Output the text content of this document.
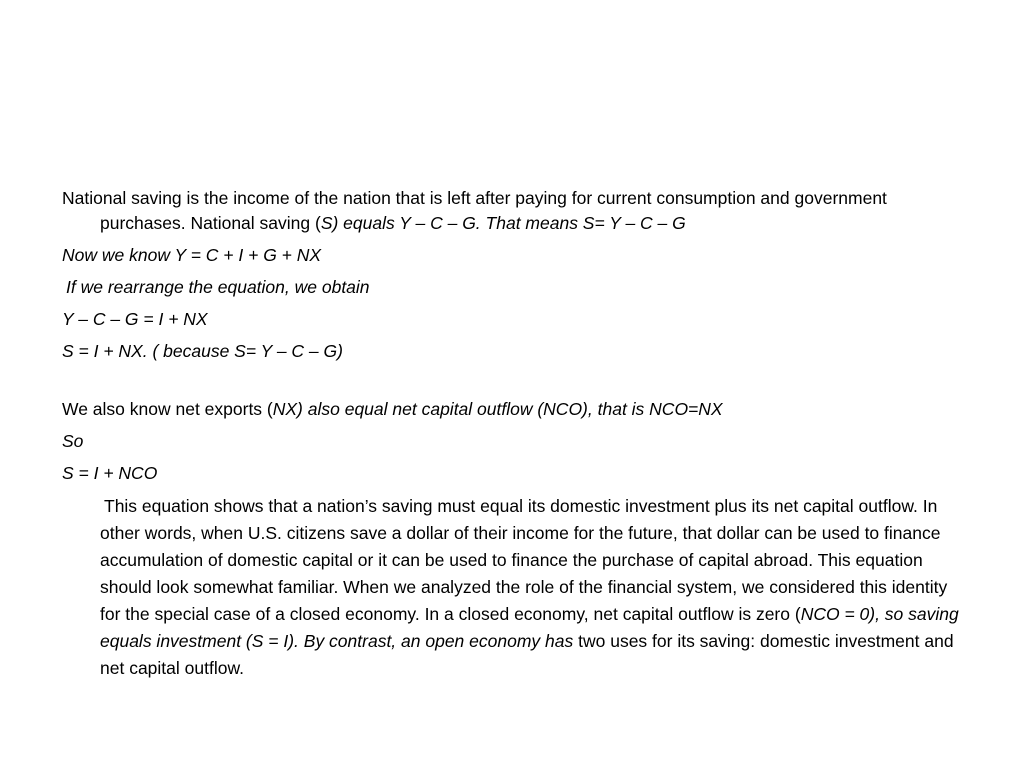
National saving is the income of the nation that is left after paying for current consumption and government purchases. National saving (S) equals Y – C – G. That means S= Y – C – G
Now we know Y = C + I + G + NX
If we rearrange the equation, we obtain
Y – C – G = I + NX
S = I + NX. ( because S= Y – C – G)
We also know net exports (NX) also equal net capital outflow (NCO), that is NCO=NX
So
S = I + NCO
This equation shows that a nation’s saving must equal its domestic investment plus its net capital outflow. In other words, when U.S. citizens save a dollar of their income for the future, that dollar can be used to finance accumulation of domestic capital or it can be used to finance the purchase of capital abroad. This equation should look somewhat familiar. When we analyzed the role of the financial system, we considered this identity for the special case of a closed economy. In a closed economy, net capital outflow is zero (NCO = 0), so saving equals investment (S = I). By contrast, an open economy has two uses for its saving: domestic investment and net capital outflow.
